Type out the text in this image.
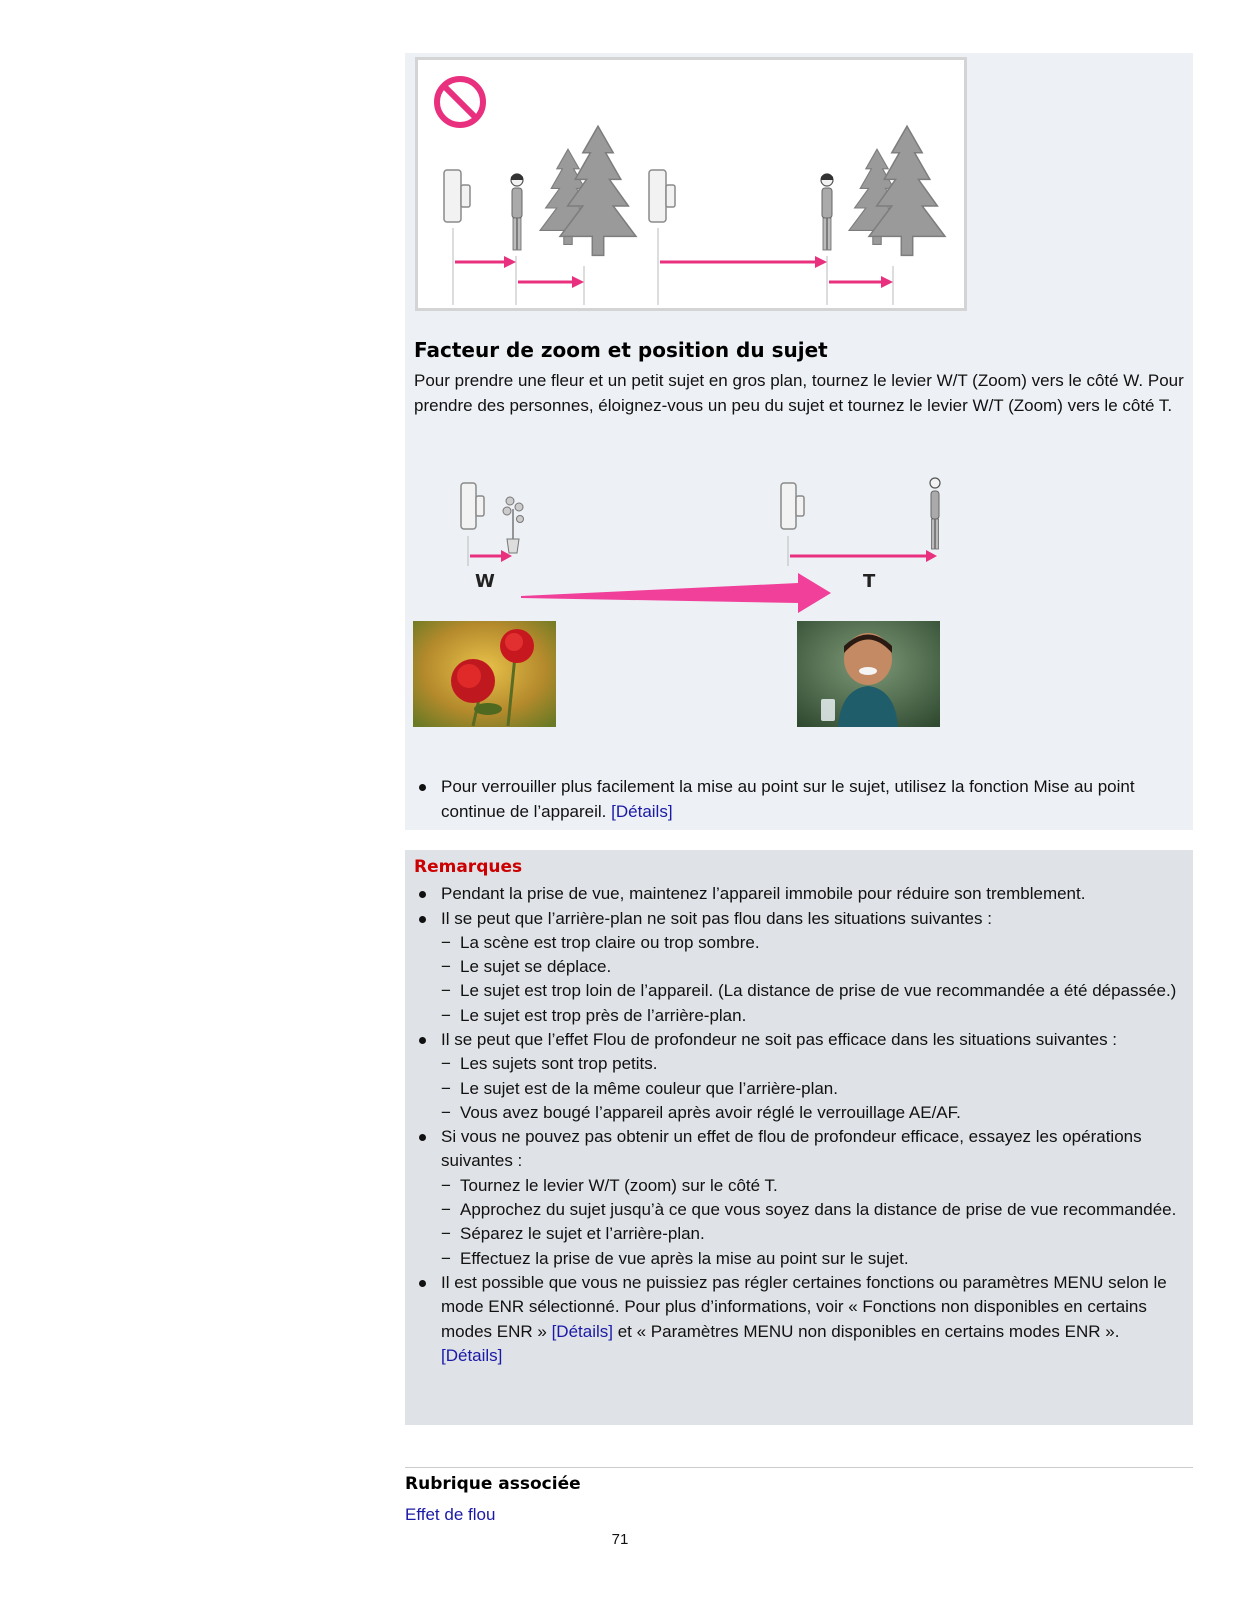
Facteur de zoom et position du sujet

Pour prendre une fleur et un petit sujet en gros plan, tournez le levier W/T (Zoom) vers le côté W. Pour prendre des personnes, éloignez-vous un peu du sujet et tournez le levier W/T (Zoom) vers le côté T.

W	T
Pour verrouiller plus facilement la mise au point sur le sujet, utilisez la fonction Mise au point continue de l’appareil. [Détails]
Remarques
Pendant la prise de vue, maintenez l’appareil immobile pour réduire son tremblement.
Il se peut que l’arrière-plan ne soit pas flou dans les situations suivantes :
− La scène est trop claire ou trop sombre.
− Le sujet se déplace.
− Le sujet est trop loin de l’appareil. (La distance de prise de vue recommandée a été dépassée.)
− Le sujet est trop près de l’arrière-plan.
Il se peut que l’effet Flou de profondeur ne soit pas efficace dans les situations suivantes :
− Les sujets sont trop petits.
− Le sujet est de la même couleur que l’arrière-plan.
− Vous avez bougé l’appareil après avoir réglé le verrouillage AE/AF.
Si vous ne pouvez pas obtenir un effet de flou de profondeur efficace, essayez les opérations suivantes :
− Tournez le levier W/T (zoom) sur le côté T.
− Approchez du sujet jusqu’à ce que vous soyez dans la distance de prise de vue recommandée.
− Séparez le sujet et l’arrière-plan.
− Effectuez la prise de vue après la mise au point sur le sujet.
Il est possible que vous ne puissiez pas régler certaines fonctions ou paramètres MENU selon le mode ENR sélectionné. Pour plus d’informations, voir « Fonctions non disponibles en certains modes ENR » [Détails] et « Paramètres MENU non disponibles en certains modes ENR ». [Détails]
Rubrique associée
Effet de flou
71
